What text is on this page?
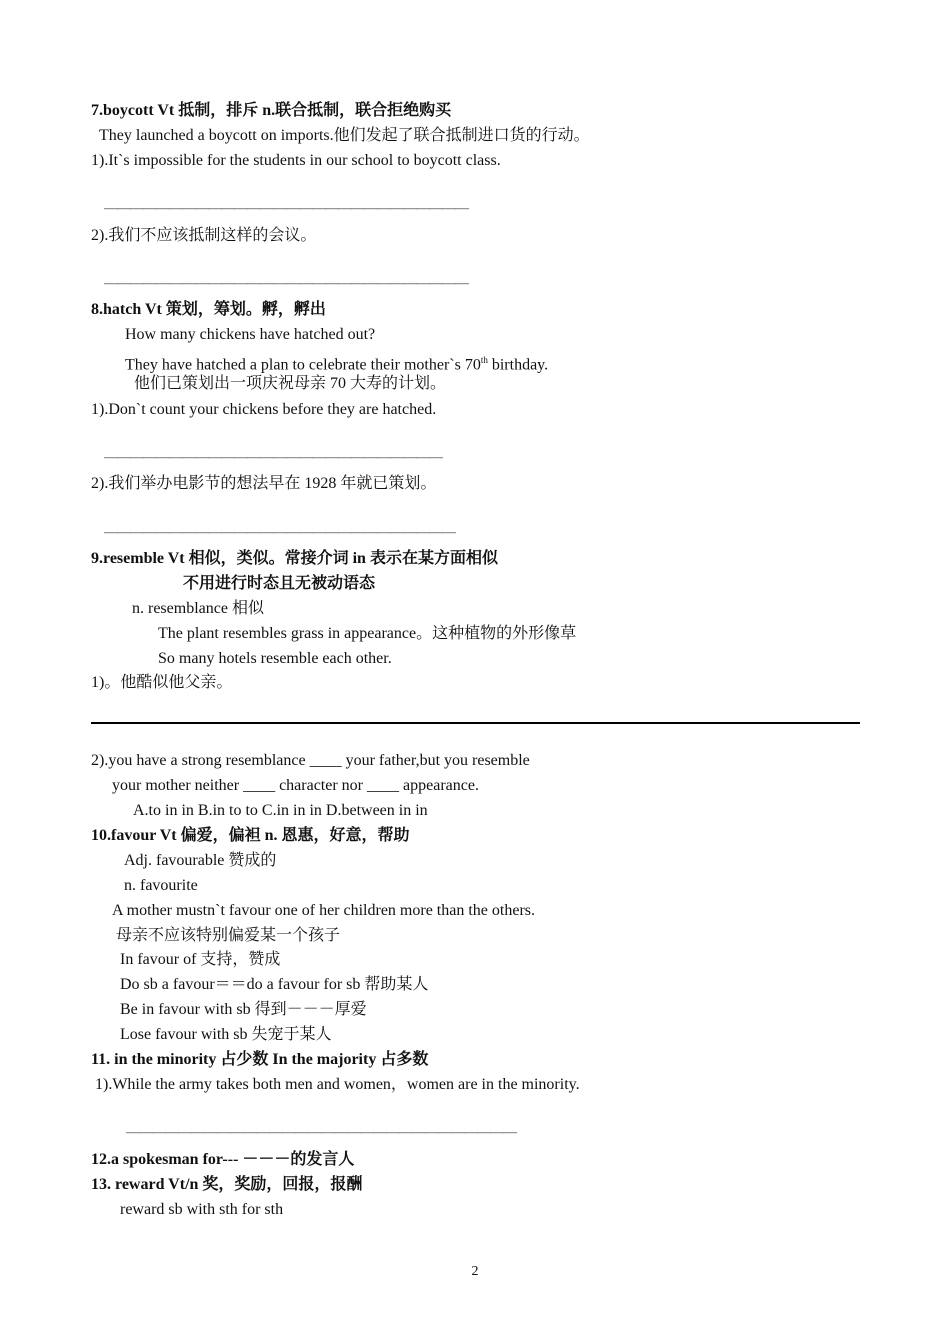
7.boycott Vt 抵制，排斥 n.联合抵制，联合拒绝购买
They launched a boycott on imports.他们发起了联合抵制进口货的行动。
1).It`s impossible for the students in our school to boycott class.
————————————————————————————
2).我们不应该抵制这样的会议。
————————————————————————————
8.hatch Vt 策划，筹划。孵，孵出
How many chickens have hatched out?
They have hatched a plan to celebrate their mother`s 70th birthday.
他们已策划出一项庆祝母亲 70 大寿的计划。
1).Don`t count your chickens before they are hatched.
——————————————————————————
2).我们举办电影节的想法早在 1928 年就已策划。
———————————————————————————
9.resemble Vt 相似，类似。常接介词 in 表示在某方面相似
不用进行时态且无被动语态
n. resemblance 相似
The plant resembles grass in appearance。这种植物的外形像草
So many hotels resemble each other.
1)。他酷似他父亲。
2).you have a strong resemblance ____ your father,but you resemble
your mother neither ____ character nor ____ appearance.
A.to in in B.in to to C.in in in D.between in in
10.favour Vt 偏爱，偏袒 n. 恩惠，好意，帮助
Adj. favourable 赞成的
n. favourite
A mother mustn`t favour one of her children more than the others.
母亲不应该特别偏爱某一个孩子
In favour of 支持，赞成
Do sb a favour＝＝do a favour for sb 帮助某人
Be in favour with sb 得到－－－厚爱
Lose favour with sb 失宠于某人
11. in the minority 占少数 In the majority 占多数
1).While the army takes both men and women，women are in the minority.
——————————————————————————————
12.a spokesman for--- －－－的发言人
13. reward Vt/n 奖，奖励，回报，报酬
reward sb with sth for sth
2
